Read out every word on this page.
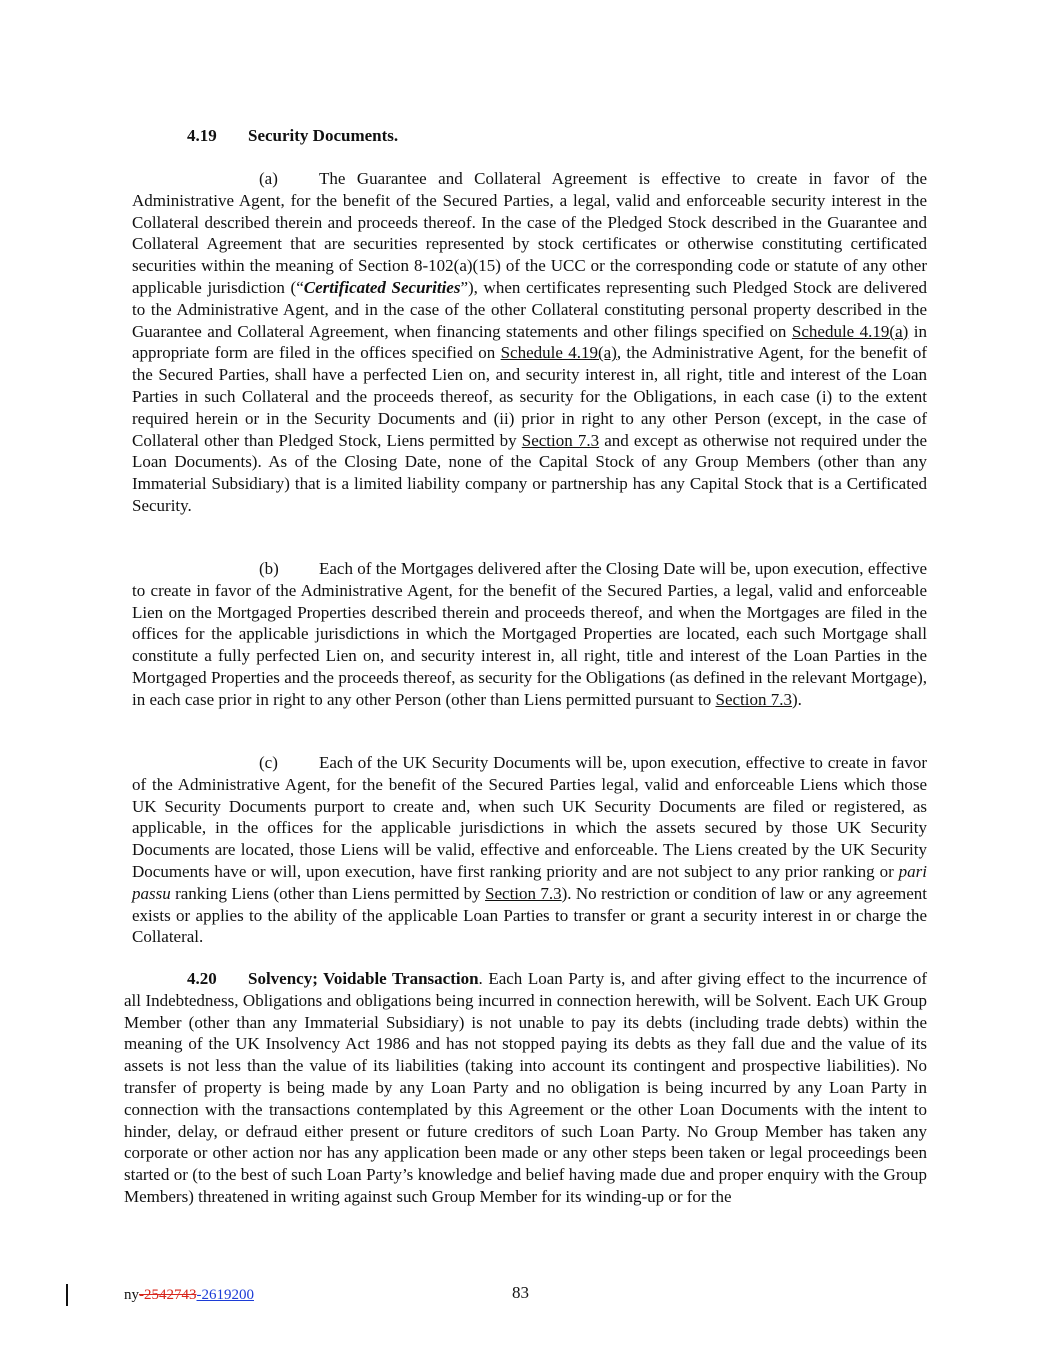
4.19 Security Documents.

(a) The Guarantee and Collateral Agreement is effective to create in favor of the Administrative Agent, for the benefit of the Secured Parties, a legal, valid and enforceable security interest in the Collateral described therein and proceeds thereof. In the case of the Pledged Stock described in the Guarantee and Collateral Agreement that are securities represented by stock certificates or otherwise constituting certificated securities within the meaning of Section 8-102(a)(15) of the UCC or the corresponding code or statute of any other applicable jurisdiction (“Certificated Securities”), when certificates representing such Pledged Stock are delivered to the Administrative Agent, and in the case of the other Collateral constituting personal property described in the Guarantee and Collateral Agreement, when financing statements and other filings specified on Schedule 4.19(a) in appropriate form are filed in the offices specified on Schedule 4.19(a), the Administrative Agent, for the benefit of the Secured Parties, shall have a perfected Lien on, and security interest in, all right, title and interest of the Loan Parties in such Collateral and the proceeds thereof, as security for the Obligations, in each case (i) to the extent required herein or in the Security Documents and (ii) prior in right to any other Person (except, in the case of Collateral other than Pledged Stock, Liens permitted by Section 7.3 and except as otherwise not required under the Loan Documents). As of the Closing Date, none of the Capital Stock of any Group Members (other than any Immaterial Subsidiary) that is a limited liability company or partnership has any Capital Stock that is a Certificated Security.

(b) Each of the Mortgages delivered after the Closing Date will be, upon execution, effective to create in favor of the Administrative Agent, for the benefit of the Secured Parties, a legal, valid and enforceable Lien on the Mortgaged Properties described therein and proceeds thereof, and when the Mortgages are filed in the offices for the applicable jurisdictions in which the Mortgaged Properties are located, each such Mortgage shall constitute a fully perfected Lien on, and security interest in, all right, title and interest of the Loan Parties in the Mortgaged Properties and the proceeds thereof, as security for the Obligations (as defined in the relevant Mortgage), in each case prior in right to any other Person (other than Liens permitted pursuant to Section 7.3).

(c) Each of the UK Security Documents will be, upon execution, effective to create in favor of the Administrative Agent, for the benefit of the Secured Parties legal, valid and enforceable Liens which those UK Security Documents purport to create and, when such UK Security Documents are filed or registered, as applicable, in the offices for the applicable jurisdictions in which the assets secured by those UK Security Documents are located, those Liens will be valid, effective and enforceable. The Liens created by the UK Security Documents have or will, upon execution, have first ranking priority and are not subject to any prior ranking or pari passu ranking Liens (other than Liens permitted by Section 7.3). No restriction or condition of law or any agreement exists or applies to the ability of the applicable Loan Parties to transfer or grant a security interest in or charge the Collateral.

4.20 Solvency; Voidable Transaction. Each Loan Party is, and after giving effect to the incurrence of all Indebtedness, Obligations and obligations being incurred in connection herewith, will be Solvent. Each UK Group Member (other than any Immaterial Subsidiary) is not unable to pay its debts (including trade debts) within the meaning of the UK Insolvency Act 1986 and has not stopped paying its debts as they fall due and the value of its assets is not less than the value of its liabilities (taking into account its contingent and prospective liabilities). No transfer of property is being made by any Loan Party and no obligation is being incurred by any Loan Party in connection with the transactions contemplated by this Agreement or the other Loan Documents with the intent to hinder, delay, or defraud either present or future creditors of such Loan Party. No Group Member has taken any corporate or other action nor has any application been made or any other steps been taken or legal proceedings been started or (to the best of such Loan Party’s knowledge and belief having made due and proper enquiry with the Group Members) threatened in writing against such Group Member for its winding-up or for the

ny-2542743-2619200	83
